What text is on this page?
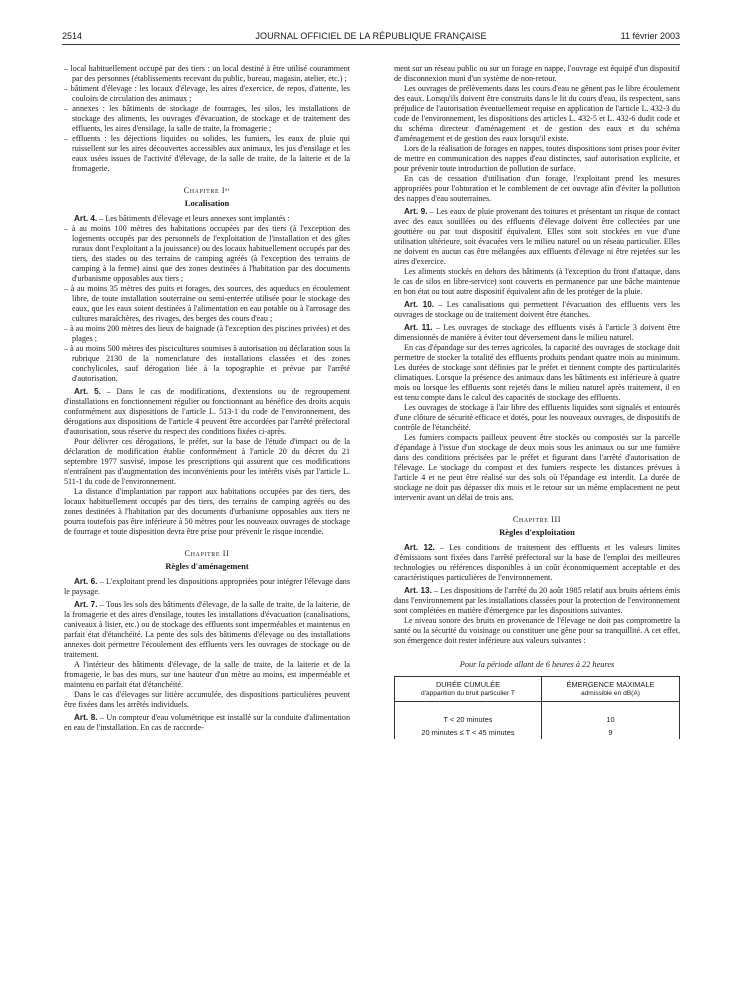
2514	JOURNAL OFFICIEL DE LA RÉPUBLIQUE FRANÇAISE	11 février 2003

– local habituellement occupé par des tiers : un local destiné à être utilisé couramment par des personnes (établissements recevant du public, bureau, magasin, atelier, etc.) ;

– bâtiment d'élevage : les locaux d'élevage, les aires d'exercice, de repos, d'attente, les couloirs de circulation des animaux ;

– annexes : les bâtiments de stockage de fourrages, les silos, les installations de stockage des aliments, les ouvrages d'évacuation, de stockage et de traitement des effluents, les aires d'ensilage, la salle de traite, la fromagerie ;

– effluents : les déjections liquides ou solides, les fumiers, les eaux de pluie qui ruissellent sur les aires découvertes accessibles aux animaux, les jus d'ensilage et les eaux usées issues de l'activité d'élevage, de la salle de traite, de la laiterie et de la fromagerie.

Chapitre Iᵉʳ

Localisation

Art. 4. – Les bâtiments d'élevage et leurs annexes sont implantés :

– à au moins 100 mètres des habitations occupées par des tiers (à l'exception des logements occupés par des personnels de l'exploitation de l'installation et des gîtes ruraux dont l'exploitant a la jouissance) ou des locaux habituellement occupés par des tiers, des stades ou des terrains de camping agréés (à l'exception des terrains de camping à la ferme) ainsi que des zones destinées à l'habitation par des documents d'urbanisme opposables aux tiers ;

– à au moins 35 mètres des puits et forages, des sources, des aqueducs en écoulement libre, de toute installation souterraine ou semi-enterrée utilisée pour le stockage des eaux, que les eaux soient destinées à l'alimentation en eau potable ou à l'arrosage des cultures maraîchères, des rivages, des berges des cours d'eau ;

– à au moins 200 mètres des lieux de baignade (à l'exception des piscines privées) et des plages ;

– à au moins 500 mètres des piscicultures soumises à autorisation ou déclaration sous la rubrique 2130 de la nomenclature des installations classées et des zones conchylicoles, sauf dérogation liée à la topographie et prévue par l'arrêté d'autorisation.

Art. 5. – Dans le cas de modifications, d'extensions ou de regroupement d'installations en fonctionnement régulier ou fonctionnant au bénéfice des droits acquis conformément aux dispositions de l'article L. 513-1 du code de l'environnement, des dérogations aux dispositions de l'article 4 peuvent être accordées par l'arrêté préfectoral d'autorisation, sous réserve du respect des conditions fixées ci-après.

Pour délivrer ces dérogations, le préfet, sur la base de l'étude d'impact ou de la déclaration de modification établie conformément à l'article 20 du décret du 21 septembre 1977 susvisé, impose les prescriptions qui assurent que ces modifications n'entraînent pas d'augmentation des inconvénients pour les intérêts visés par l'article L. 511-1 du code de l'environnement.

La distance d'implantation par rapport aux habitations occupées par des tiers, des locaux habituellement occupés par des tiers, des terrains de camping agréés ou des zones destinées à l'habitation par des documents d'urbanisme opposables aux tiers ne pourra toutefois pas être inférieure à 50 mètres pour les nouveaux ouvrages de stockage de fourrage et toute disposition devra être prise pour prévenir le risque incendie.

Chapitre II

Règles d'aménagement

Art. 6. – L'exploitant prend les dispositions appropriées pour intégrer l'élevage dans le paysage.

Art. 7. – Tous les sols des bâtiments d'élevage, de la salle de traite, de la laiterie, de la fromagerie et des aires d'ensilage, toutes les installations d'évacuation (canalisations, caniveaux à lisier, etc.) ou de stockage des effluents sont imperméables et maintenus en parfait état d'étanchéité. La pente des sols des bâtiments d'élevage ou des installations annexes doit permettre l'écoulement des effluents vers les ouvrages de stockage ou de traitement.

A l'intérieur des bâtiments d'élevage, de la salle de traite, de la laiterie et de la fromagerie, le bas des murs, sur une hauteur d'un mètre au moins, est imperméable et maintenu en parfait état d'étanchéité.

Dans le cas d'élevages sur litière accumulée, des dispositions particulières peuvent être fixées dans les arrêtés individuels.

Art. 8. – Un compteur d'eau volumétrique est installé sur la conduite d'alimentation en eau de l'installation. En cas de raccorde-

ment sur un réseau public ou sur un forage en nappe, l'ouvrage est équipé d'un dispositif de disconnexion muni d'un système de non-retour.

Les ouvrages de prélèvements dans les cours d'eau ne gênent pas le libre écoulement des eaux. Lorsqu'ils doivent être construits dans le lit du cours d'eau, ils respectent, sans préjudice de l'autorisation éventuellement requise en application de l'article L. 432-3 du code de l'environnement, les dispositions des articles L. 432-5 et L. 432-6 dudit code et du schéma directeur d'aménagement et de gestion des eaux et du schéma d'aménagement et de gestion des eaux lorsqu'il existe.

Lors de la réalisation de forages en nappes, toutes dispositions sont prises pour éviter de mettre en communication des nappes d'eau distinctes, sauf autorisation explicite, et pour prévenir toute introduction de pollution de surface.

En cas de cessation d'utilisation d'un forage, l'exploitant prend les mesures appropriées pour l'obturation et le comblement de cet ouvrage afin d'éviter la pollution des nappes d'eau souterraines.

Art. 9. – Les eaux de pluie provenant des toitures et présentant un risque de contact avec des eaux souillées ou des effluents d'élevage doivent être collectées par une gouttière ou par tout dispositif équivalent. Elles sont soit stockées en vue d'une utilisation ultérieure, soit évacuées vers le milieu naturel ou un réseau particulier. Elles ne doivent en aucun cas être mélangées aux effluents d'élevage ni être rejetées sur les aires d'exercice.

Les aliments stockés en dehors des bâtiments (à l'exception du front d'attaque, dans le cas de silos en libre-service) sont couverts en permanence par une bâche maintenue en bon état ou tout autre dispositif équivalent afin de les protéger de la pluie.

Art. 10. – Les canalisations qui permettent l'évacuation des effluents vers les ouvrages de stockage ou de traitement doivent être étanches.

Art. 11. – Les ouvrages de stockage des effluents visés à l'article 3 doivent être dimensionnés de manière à éviter tout déversement dans le milieu naturel.

En cas d'épandage sur des terres agricoles, la capacité des ouvrages de stockage doit permettre de stocker la totalité des effluents produits pendant quatre mois au minimum. Les durées de stockage sont définies par le préfet et tiennent compte des particularités climatiques. Lorsque la présence des animaux dans les bâtiments est inférieure à quatre mois ou lorsque les effluents sont rejetés dans le milieu naturel après traitement, il en est tenu compte dans le calcul des capacités de stockage des effluents.

Les ouvrages de stockage à l'air libre des effluents liquides sont signalés et entourés d'une clôture de sécurité efficace et dotés, pour les nouveaux ouvrages, de dispositifs de contrôle de l'étanchéité.

Les fumiers compacts pailleux peuvent être stockés ou compostés sur la parcelle d'épandage à l'issue d'un stockage de deux mois sous les animaux ou sur une fumière dans des conditions précisées par le préfet et figurant dans l'arrêté d'autorisation de l'élevage. Le stockage du compost et des fumiers respecte les distances prévues à l'article 4 et ne peut être réalisé sur des sols où l'épandage est interdit. La durée de stockage ne doit pas dépasser dix mois et le retour sur un même emplacement ne peut intervenir avant un délai de trois ans.

Chapitre III

Règles d'exploitation

Art. 12. – Les conditions de traitement des effluents et les valeurs limites d'émissions sont fixées dans l'arrêté préfectoral sur la base de l'emploi des meilleures technologies ou références disponibles à un coût économiquement acceptable et des caractéristiques particulières de l'environnement.

Art. 13. – Les dispositions de l'arrêté du 20 août 1985 relatif aux bruits aériens émis dans l'environnement par les installations classées pour la protection de l'environnement sont complétées en matière d'émergence par les dispositions suivantes.

Le niveau sonore des bruits en provenance de l'élevage ne doit pas compromettre la santé ou la sécurité du voisinage ou constituer une gêne pour sa tranquillité. A cet effet, son émergence doit rester inférieure aux valeurs suivantes :

Pour la période allant de 6 heures à 22 heures

DURÉE CUMULÉE
d'apparition du bruit particulier T	ÉMERGENCE MAXIMALE
admissible en dB(A)

T < 20 minutes	10
20 minutes ≤ T < 45 minutes	9
